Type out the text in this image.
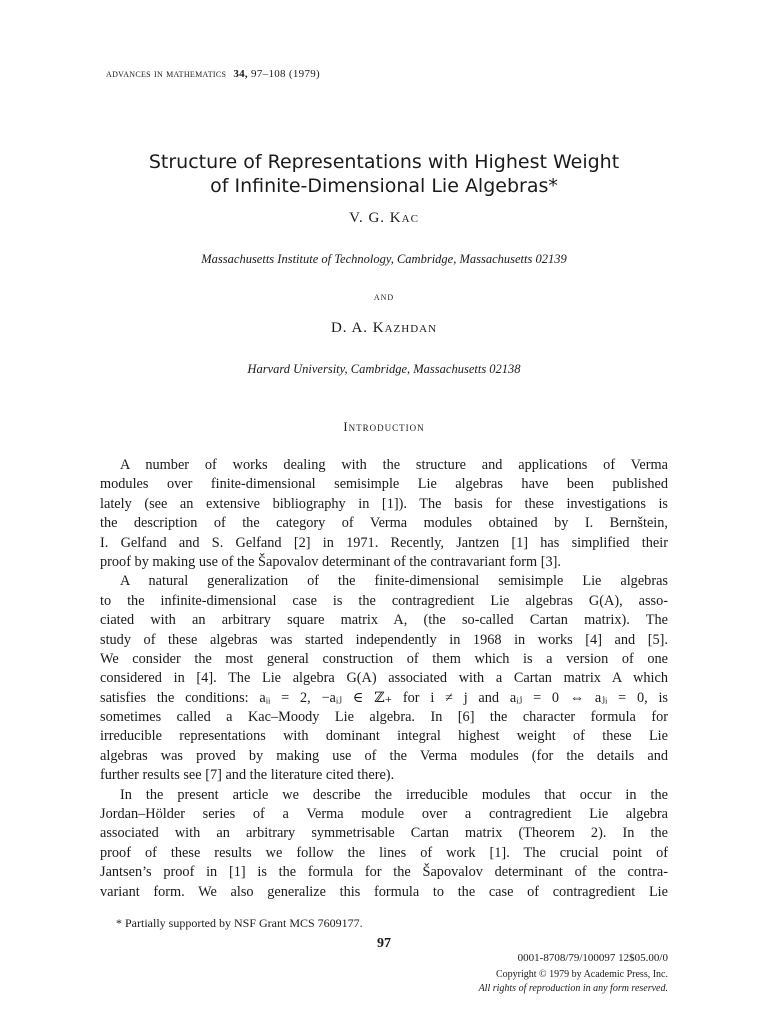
advances in mathematics 34, 97–108 (1979)
Structure of Representations with Highest Weight
of Infinite-Dimensional Lie Algebras*
V. G. Kac
Massachusetts Institute of Technology, Cambridge, Massachusetts 02139
and
D. A. Kazhdan
Harvard University, Cambridge, Massachusetts 02138
Introduction
A number of works dealing with the structure and applications of Verma
modules over finite-dimensional semisimple Lie algebras have been published
lately (see an extensive bibliography in [1]). The basis for these investigations is
the description of the category of Verma modules obtained by I. Bernštein,
I. Gelfand and S. Gelfand [2] in 1971. Recently, Jantzen [1] has simplified their
proof by making use of the Šapovalov determinant of the contravariant form [3].
A natural generalization of the finite-dimensional semisimple Lie algebras
to the infinite-dimensional case is the contragredient Lie algebras G(A), asso-
ciated with an arbitrary square matrix A, (the so-called Cartan matrix). The
study of these algebras was started independently in 1968 in works [4] and [5].
We consider the most general construction of them which is a version of one
considered in [4]. The Lie algebra G(A) associated with a Cartan matrix A which
satisfies the conditions: aᵢᵢ = 2, −aᵢⱼ ∈ ℤ₊ for i ≠ j and aᵢⱼ = 0 ⇔ aⱼᵢ = 0, is
sometimes called a Kac–Moody Lie algebra. In [6] the character formula for
irreducible representations with dominant integral highest weight of these Lie
algebras was proved by making use of the Verma modules (for the details and
further results see [7] and the literature cited there).
In the present article we describe the irreducible modules that occur in the
Jordan–Hölder series of a Verma module over a contragredient Lie algebra
associated with an arbitrary symmetrisable Cartan matrix (Theorem 2). In the
proof of these results we follow the lines of work [1]. The crucial point of
Jantsen’s proof in [1] is the formula for the Šapovalov determinant of the contra-
variant form. We also generalize this formula to the case of contragredient Lie
* Partially supported by NSF Grant MCS 7609177.
97
0001-8708/79/100097 12$05.00/0
Copyright © 1979 by Academic Press, Inc.
All rights of reproduction in any form reserved.
